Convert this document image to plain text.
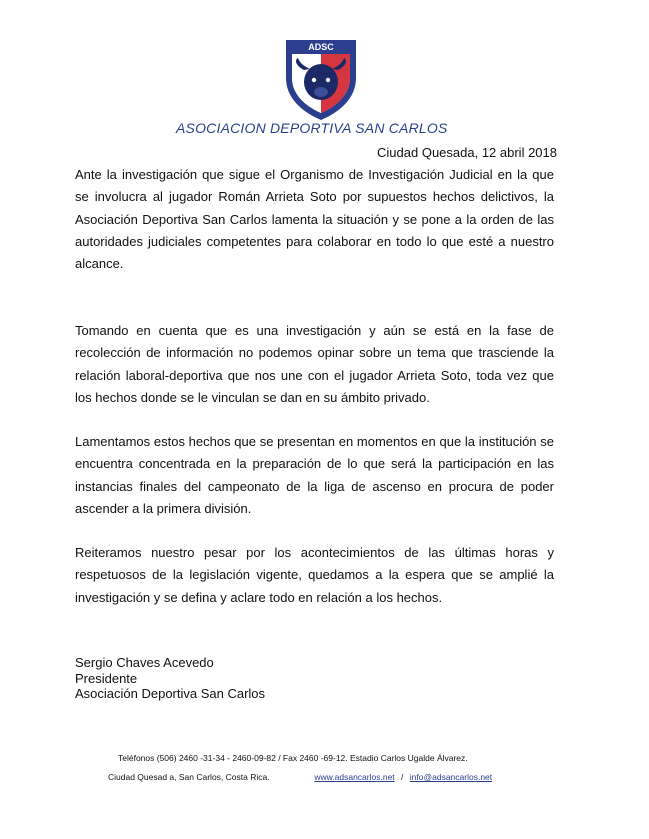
ADSC
ASOCIACION DEPORTIVA SAN CARLOS
Ciudad Quesada, 12 abril 2018

Ante la investigación que sigue el Organismo de Investigación Judicial en la que se involucra al jugador Román Arrieta Soto por supuestos hechos delictivos, la Asociación Deportiva San Carlos lamenta la situación y se pone a la orden de las autoridades judiciales competentes para colaborar en todo lo que esté a nuestro alcance.

Tomando en cuenta que es una investigación y aún se está en la fase de recolección de información no podemos opinar sobre un tema que trasciende la relación laboral-deportiva que nos une con el jugador Arrieta Soto, toda vez que los hechos donde se le vinculan se dan en su ámbito privado.

Lamentamos estos hechos que se presentan en momentos en que la institución se encuentra concentrada en la preparación de lo que será la participación en las instancias finales del campeonato de la liga de ascenso en procura de poder ascender a la primera división.

Reiteramos nuestro pesar por los acontecimientos de las últimas horas y respetuosos de la legislación vigente, quedamos a la espera que se amplié la investigación y se defina y aclare todo en relación a los hechos.

Sergio Chaves Acevedo
Presidente
Asociación Deportiva San Carlos
Teléfonos (506) 2460 -31-34 - 2460-09-82 / Fax 2460 -69-12. Estadio Carlos Ugalde Álvarez.
Ciudad Quesad a, San Carlos, Costa Rica.	www.adsancarlos.net / info@adsancarlos.net
